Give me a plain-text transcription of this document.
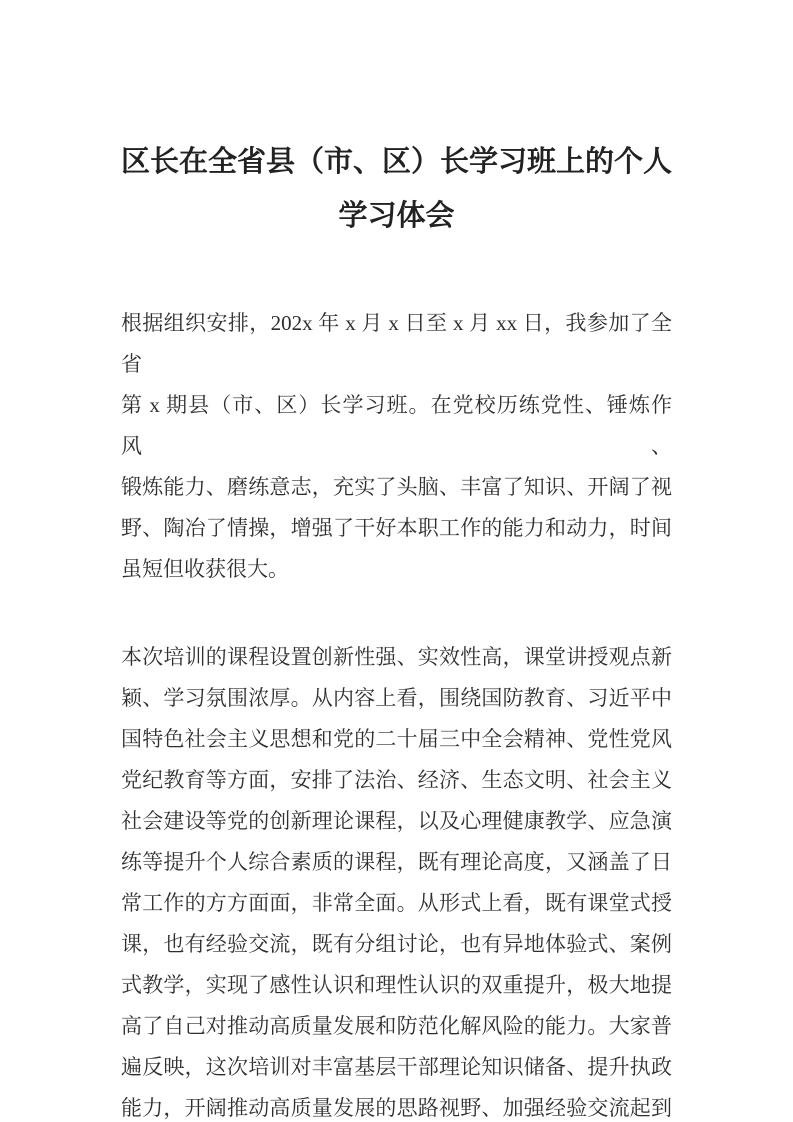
区长在全省县（市、区）长学习班上的个人
学习体会
根据组织安排，202x 年 x 月 x 日至 x 月 xx 日，我参加了全省
第 x 期县（市、区）长学习班。在党校历练党性、锤炼作风、
锻炼能力、磨练意志，充实了头脑、丰富了知识、开阔了视
野、陶冶了情操，增强了干好本职工作的能力和动力，时间
虽短但收获很大。
本次培训的课程设置创新性强、实效性高，课堂讲授观点新
颖、学习氛围浓厚。从内容上看，围绕国防教育、习近平中
国特色社会主义思想和党的二十届三中全会精神、党性党风
党纪教育等方面，安排了法治、经济、生态文明、社会主义
社会建设等党的创新理论课程，以及心理健康教学、应急演
练等提升个人综合素质的课程，既有理论高度，又涵盖了日
常工作的方方面面，非常全面。从形式上看，既有课堂式授
课，也有经验交流，既有分组讨论，也有异地体验式、案例
式教学，实现了感性认识和理性认识的双重提升，极大地提
高了自己对推动高质量发展和防范化解风险的能力。大家普
遍反映，这次培训对丰富基层干部理论知识储备、提升执政
能力，开阔推动高质量发展的思路视野、加强经验交流起到
